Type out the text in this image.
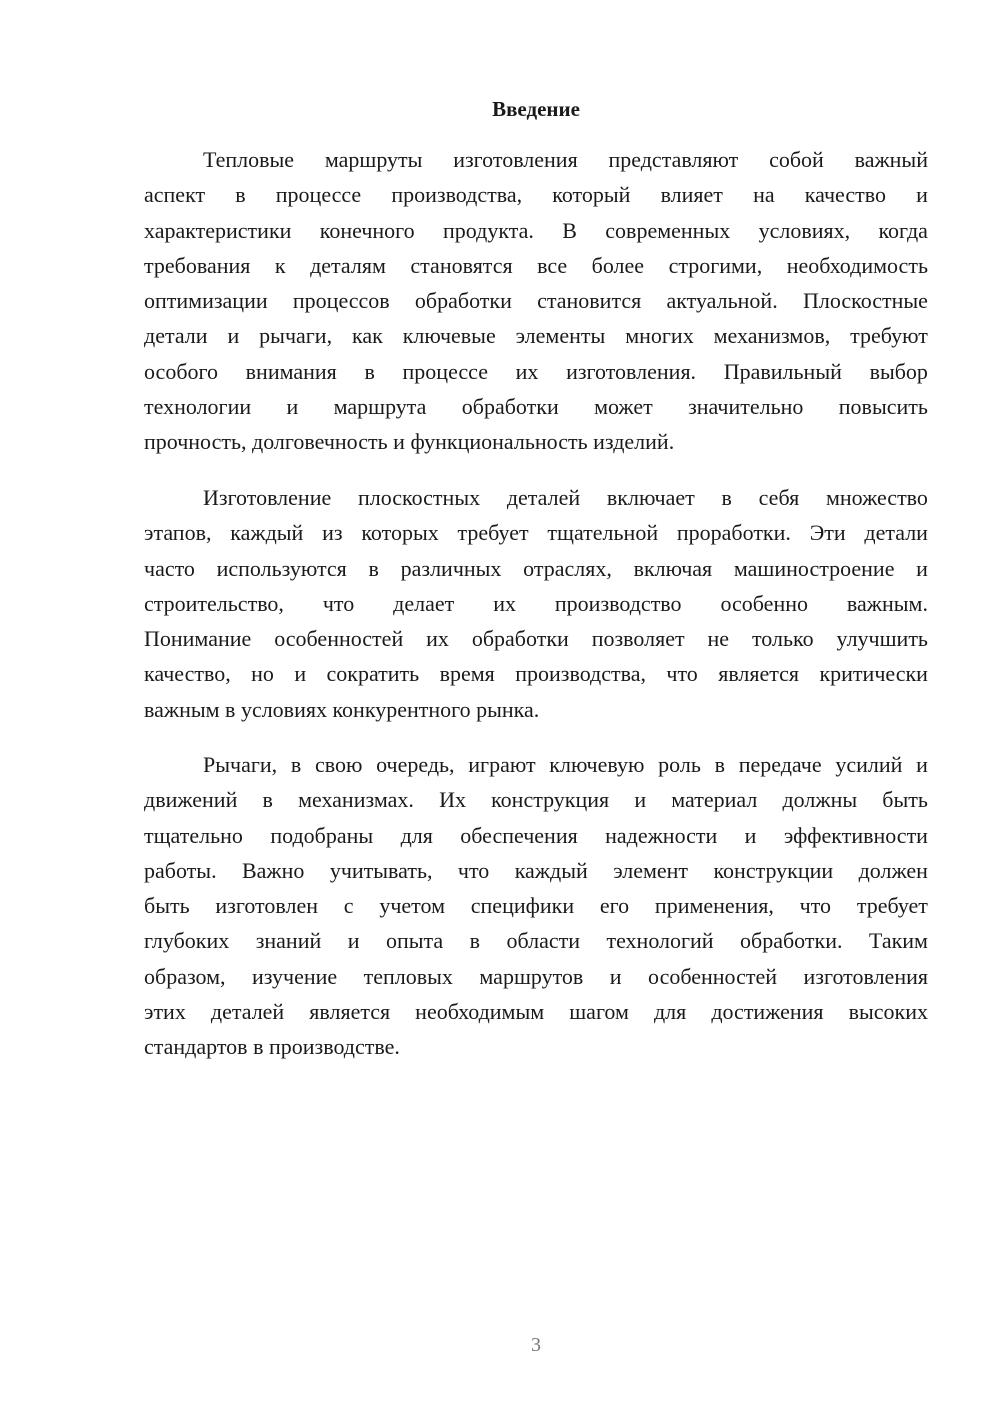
Введение
Тепловые маршруты изготовления представляют собой важный
аспект в процессе производства, который влияет на качество и
характеристики конечного продукта. В современных условиях, когда
требования к деталям становятся все более строгими, необходимость
оптимизации процессов обработки становится актуальной. Плоскостные
детали и рычаги, как ключевые элементы многих механизмов, требуют
особого внимания в процессе их изготовления. Правильный выбор
технологии и маршрута обработки может значительно повысить
прочность, долговечность и функциональность изделий.
Изготовление плоскостных деталей включает в себя множество
этапов, каждый из которых требует тщательной проработки. Эти детали
часто используются в различных отраслях, включая машиностроение и
строительство, что делает их производство особенно важным.
Понимание особенностей их обработки позволяет не только улучшить
качество, но и сократить время производства, что является критически
важным в условиях конкурентного рынка.
Рычаги, в свою очередь, играют ключевую роль в передаче усилий и
движений в механизмах. Их конструкция и материал должны быть
тщательно подобраны для обеспечения надежности и эффективности
работы. Важно учитывать, что каждый элемент конструкции должен
быть изготовлен с учетом специфики его применения, что требует
глубоких знаний и опыта в области технологий обработки. Таким
образом, изучение тепловых маршрутов и особенностей изготовления
этих деталей является необходимым шагом для достижения высоких
стандартов в производстве.
3
